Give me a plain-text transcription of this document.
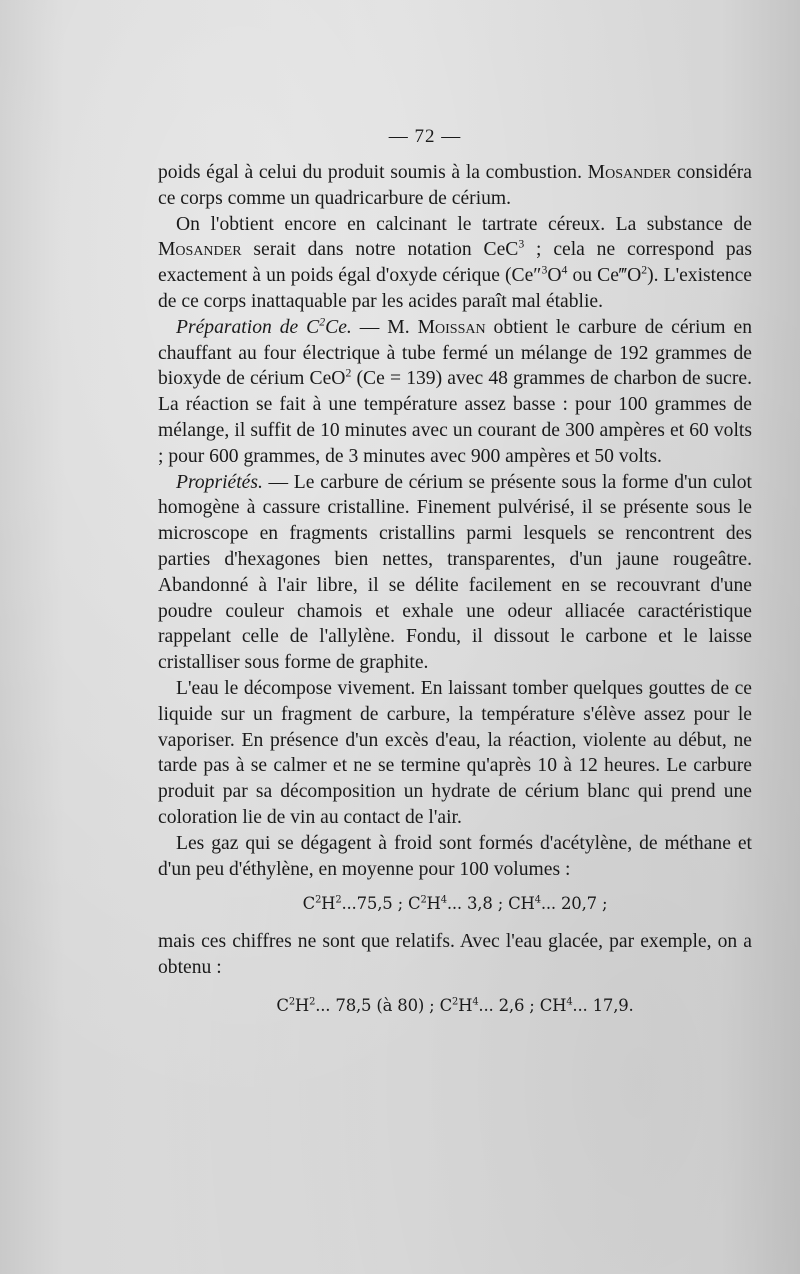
— 72 —

poids égal à celui du produit soumis à la combustion. Mosander considéra ce corps comme un quadricarbure de cérium.

On l'obtient encore en calcinant le tartrate céreux. La substance de Mosander serait dans notre notation CeC$^3$ ; cela ne correspond pas exactement à un poids égal d'oxyde cérique ($Ce''^3O^4$ ou $Ce‴O^2$). L'existence de ce corps inattaquable par les acides paraît mal établie.

Préparation de $C^2Ce$. — M. Moissan obtient le carbure de cérium en chauffant au four électrique à tube fermé un mélange de 192 grammes de bioxyde de cérium CeO$^2$ (Ce = 139) avec 48 grammes de charbon de sucre. La réaction se fait à une température assez basse : pour 100 grammes de mélange, il suffit de 10 minutes avec un courant de 300 ampères et 60 volts ; pour 600 grammes, de 3 minutes avec 900 ampères et 50 volts.

Propriétés. — Le carbure de cérium se présente sous la forme d'un culot homogène à cassure cristalline. Finement pulvérisé, il se présente sous le microscope en fragments cristallins parmi lesquels se rencontrent des parties d'hexagones bien nettes, transparentes, d'un jaune rougeâtre. Abandonné à l'air libre, il se délite facilement en se recouvrant d'une poudre couleur chamois et exhale une odeur alliacée caractéristique rappelant celle de l'allylène. Fondu, il dissout le carbone et le laisse cristalliser sous forme de graphite.

L'eau le décompose vivement. En laissant tomber quelques gouttes de ce liquide sur un fragment de carbure, la température s'élève assez pour le vaporiser. En présence d'un excès d'eau, la réaction, violente au début, ne tarde pas à se calmer et ne se termine qu'après 10 à 12 heures. Le carbure produit par sa décomposition un hydrate de cérium blanc qui prend une coloration lie de vin au contact de l'air.

Les gaz qui se dégagent à froid sont formés d'acétylène, de méthane et d'un peu d'éthylène, en moyenne pour 100 volumes :

$C^2H^2...75,5$ ; $C^2H^4$... 3,8 ; $CH^4$... 20,7 ;

mais ces chiffres ne sont que relatifs. Avec l'eau glacée, par exemple, on a obtenu :

$C^2H^2$... 78,5 (à 80) ; $C^2H^4$... 2,6 ; $CH^4$... 17,9.
